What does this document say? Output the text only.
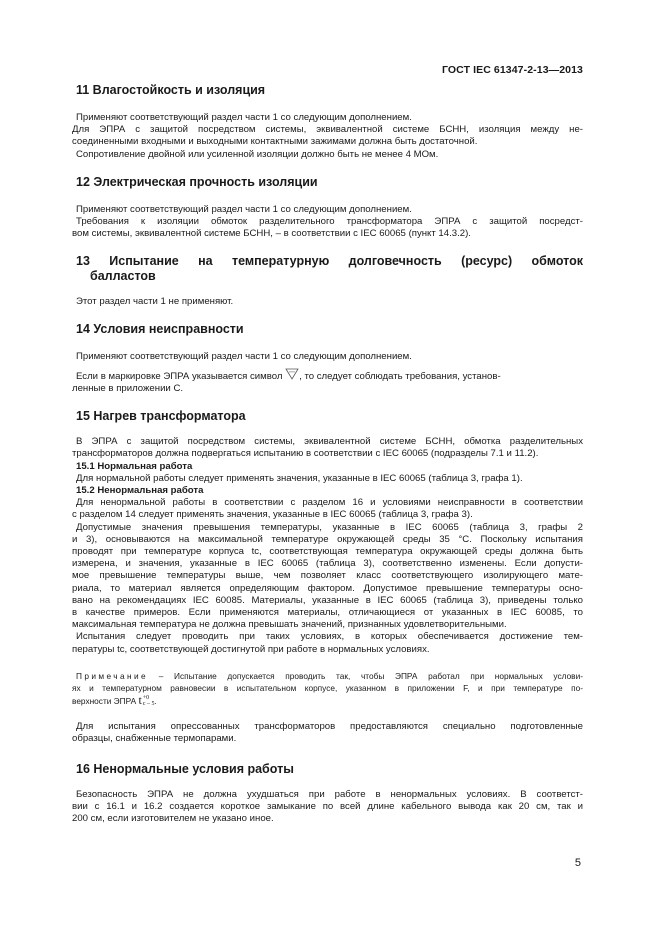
ГОСТ IEC 61347-2-13—2013
11 Влагостойкость и изоляция

Применяют соответствующий раздел части 1 со следующим дополнением.

Для ЭПРА с защитой посредством системы, эквивалентной системе БСНН, изоляция между не-

соединенными входными и выходными контактными зажимами должна быть достаточной.

Сопротивление двойной или усиленной изоляции должно быть не менее 4 МОм.

12 Электрическая прочность изоляции

Применяют соответствующий раздел части 1 со следующим дополнением.

Требования к изоляции обмоток разделительного трансформатора ЭПРА с защитой посредст-

вом системы, эквивалентной системе БСНН, – в соответствии с IEC 60065 (пункт 14.3.2).

13 Испытание на температурную долговечность (ресурс) обмоток
балластов

Этот раздел части 1 не применяют.

14 Условия неисправности

Применяют соответствующий раздел части 1 со следующим дополнением.

Если в маркировке ЭПРА указывается символ , то следует соблюдать требования, установ-

ленные в приложении С.

15 Нагрев трансформатора

В ЭПРА с защитой посредством системы, эквивалентной системе БСНН, обмотка разделительных

трансформаторов должна подвергаться испытанию в соответствии с IEC 60065 (подразделы 7.1 и 11.2).

15.1 Нормальная работа

Для нормальной работы следует применять значения, указанные в IEC 60065 (таблица 3, графа 1).

15.2 Ненормальная работа

Для ненормальной работы в соответствии с разделом 16 и условиями неисправности в соответствии

с разделом 14 следует применять значения, указанные в IEC 60065 (таблица 3, графа 3).

Допустимые значения превышения температуры, указанные в IEC 60065 (таблица 3, графы 2

и 3), основываются на максимальной температуре окружающей среды 35 °С. Поскольку испытания

проводят при температуре корпуса tc, соответствующая температура окружающей среды должна быть

измерена, и значения, указанные в IEC 60065 (таблица 3), соответственно изменены. Если допусти-

мое превышение температуры выше, чем позволяет класс соответствующего изолирующего мате-

риала, то материал является определяющим фактором. Допустимое превышение температуры осно-

вано на рекомендациях IEC 60085. Материалы, указанные в IEC 60065 (таблица 3), приведены только

в качестве примеров. Если применяются материалы, отличающиеся от указанных в IEC 60085, то

максимальная температура не должна превышать значений, признанных удовлетворительными.

Испытания следует проводить при таких условиях, в которых обеспечивается достижение тем-

пературы tc, соответствующей достигнутой при работе в нормальных условиях.

Примечание – Испытание допускается проводить так, чтобы ЭПРА работал при нормальных услови-

ях и температурном равновесии в испытательном корпусе, указанном в приложении F, и при температуре по-

верхности ЭПРА t +0
c – 5 .

Для испытания опрессованных трансформаторов предоставляются специально подготовленные

образцы, снабженные термопарами.

16 Ненормальные условия работы

Безопасность ЭПРА не должна ухудшаться при работе в ненормальных условиях. В соответст-

вии с 16.1 и 16.2 создается короткое замыкание по всей длине кабельного вывода как 20 см, так и

200 см, если изготовителем не указано иное.

5
